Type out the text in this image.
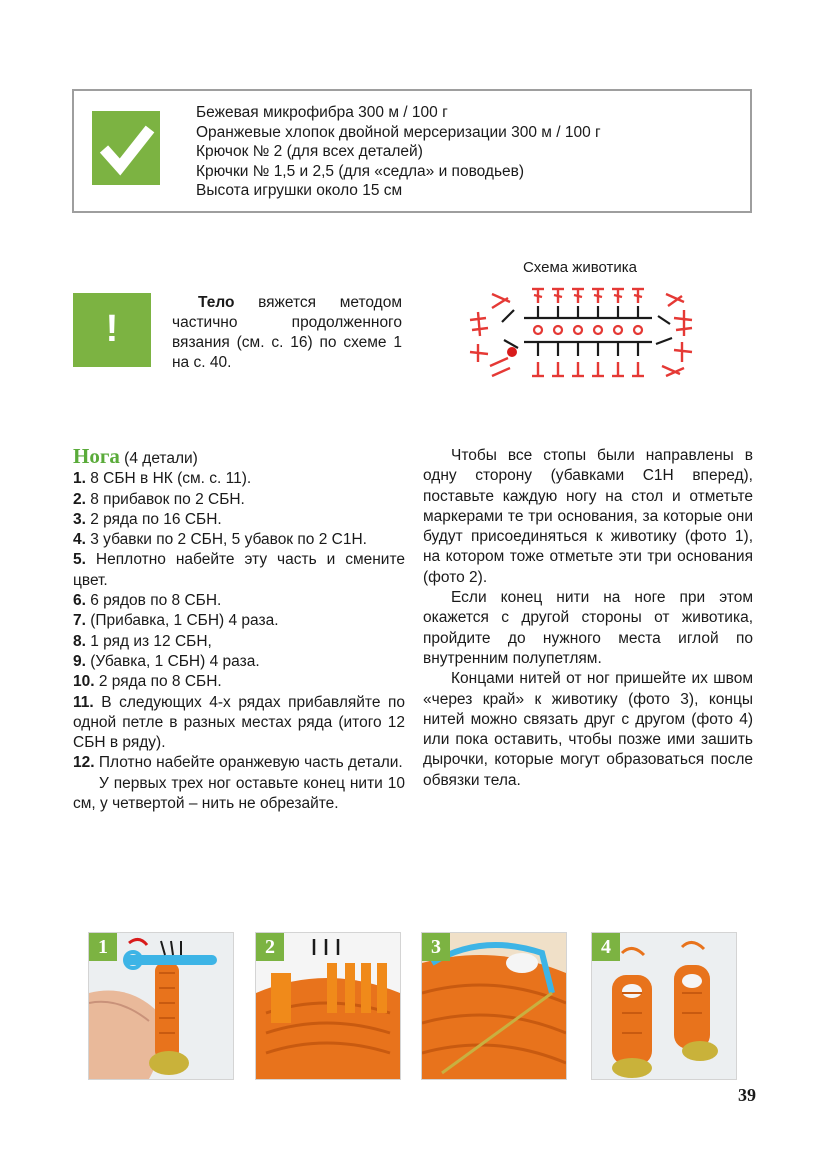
Бежевая микрофибра 300 м / 100 г
Оранжевые хлопок двойной мерсеризации 300 м / 100 г
Крючок № 2 (для всех деталей)
Крючки № 1,5 и 2,5 (для «седла» и поводьев)
Высота игрушки около 15 см
!

Тело вяжется методом частично продолженного вязания (см. с. 16) по схеме 1 на с. 40.

Схема животика

Нога (4 детали)

1. 8 СБН в НК (см. с. 11).

2. 8 прибавок по 2 СБН.

3. 2 ряда по 16 СБН.

4. 3 убавки по 2 СБН, 5 убавок по 2 С1Н.

5. Неплотно набейте эту часть и смените цвет.

6. 6 рядов по 8 СБН.

7. (Прибавка, 1 СБН) 4 раза.

8. 1 ряд из 12 СБН,

9. (Убавка, 1 СБН) 4 раза.

10. 2 ряда по 8 СБН.

11. В следующих 4-х рядах прибавляйте по одной петле в разных местах ряда (итого 12 СБН в ряду).

12. Плотно набейте оранжевую часть детали.

У первых трех ног оставьте конец нити 10 см, у четвертой – нить не обрезайте.

Чтобы все стопы были направлены в одну сторону (убавками С1Н вперед), поставьте каждую ногу на стол и отметьте маркерами те три основания, за которые они будут присоединяться к животику (фото 1), на котором тоже отметьте эти три основания (фото 2).

Если конец нити на ноге при этом окажется с другой стороны от животика, пройдите до нужного места иглой по внутренним полупетлям.

Концами нитей от ног пришейте их швом «через край» к животику (фото 3), концы нитей можно связать друг с другом (фото 4) или пока оставить, чтобы позже ими зашить дырочки, которые могут образоваться после обвязки тела.

1	2	3	4
39
